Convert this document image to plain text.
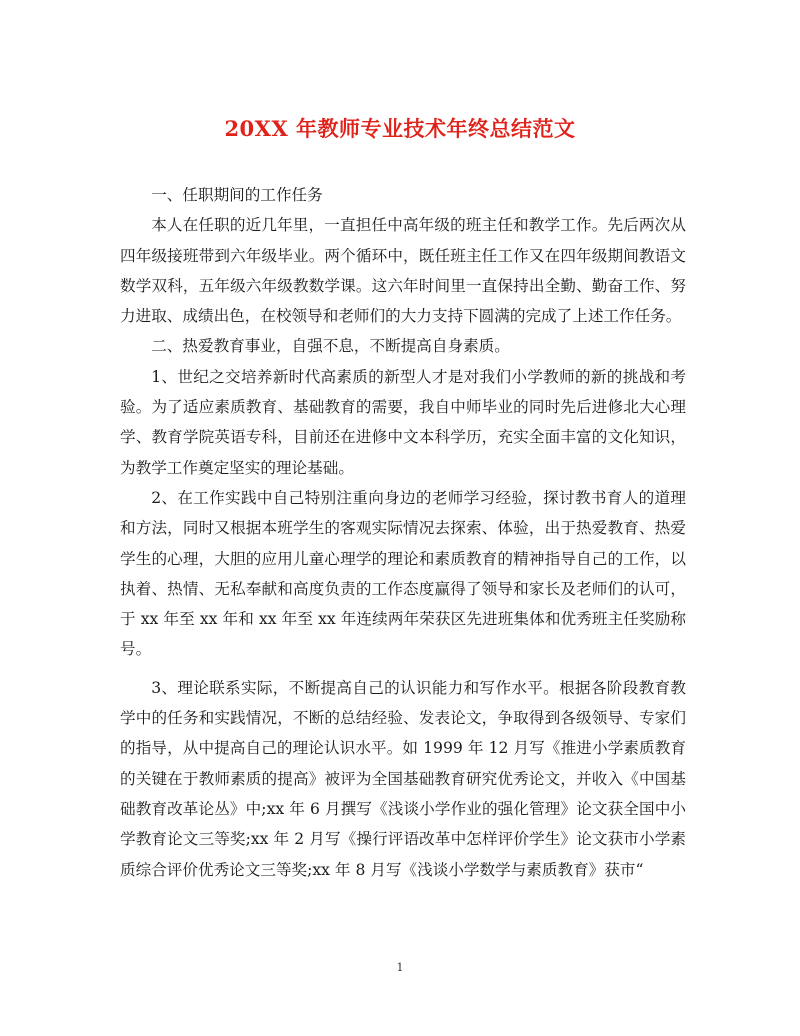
20XX 年教师专业技术年终总结范文

一、任职期间的工作任务

本人在任职的近几年里，一直担任中高年级的班主任和教学工作。先后两次从四年级接班带到六年级毕业。两个循环中，既任班主任工作又在四年级期间教语文数学双科，五年级六年级教数学课。这六年时间里一直保持出全勤、勤奋工作、努力进取、成绩出色，在校领导和老师们的大力支持下圆满的完成了上述工作任务。

二、热爱教育事业，自强不息，不断提高自身素质。

1、世纪之交培养新时代高素质的新型人才是对我们小学教师的新的挑战和考验。为了适应素质教育、基础教育的需要，我自中师毕业的同时先后进修北大心理学、教育学院英语专科，目前还在进修中文本科学历，充实全面丰富的文化知识，为教学工作奠定坚实的理论基础。

2、在工作实践中自己特别注重向身边的老师学习经验，探讨教书育人的道理和方法，同时又根据本班学生的客观实际情况去探索、体验，出于热爱教育、热爱学生的心理，大胆的应用儿童心理学的理论和素质教育的精神指导自己的工作，以执着、热情、无私奉献和高度负责的工作态度赢得了领导和家长及老师们的认可，于 xx 年至 xx 年和 xx 年至 xx 年连续两年荣获区先进班集体和优秀班主任奖励称号。

3、理论联系实际，不断提高自己的认识能力和写作水平。根据各阶段教育教学中的任务和实践情况，不断的总结经验、发表论文，争取得到各级领导、专家们的指导，从中提高自己的理论认识水平。如 1999 年 12 月写《推进小学素质教育的关键在于教师素质的提高》被评为全国基础教育研究优秀论文，并收入《中国基础教育改革论丛》中;xx 年 6 月撰写《浅谈小学作业的强化管理》论文获全国中小学教育论文三等奖;xx 年 2 月写《操行评语改革中怎样评价学生》论文获市小学素质综合评价优秀论文三等奖;xx 年 8 月写《浅谈小学数学与素质教育》获市“

1
